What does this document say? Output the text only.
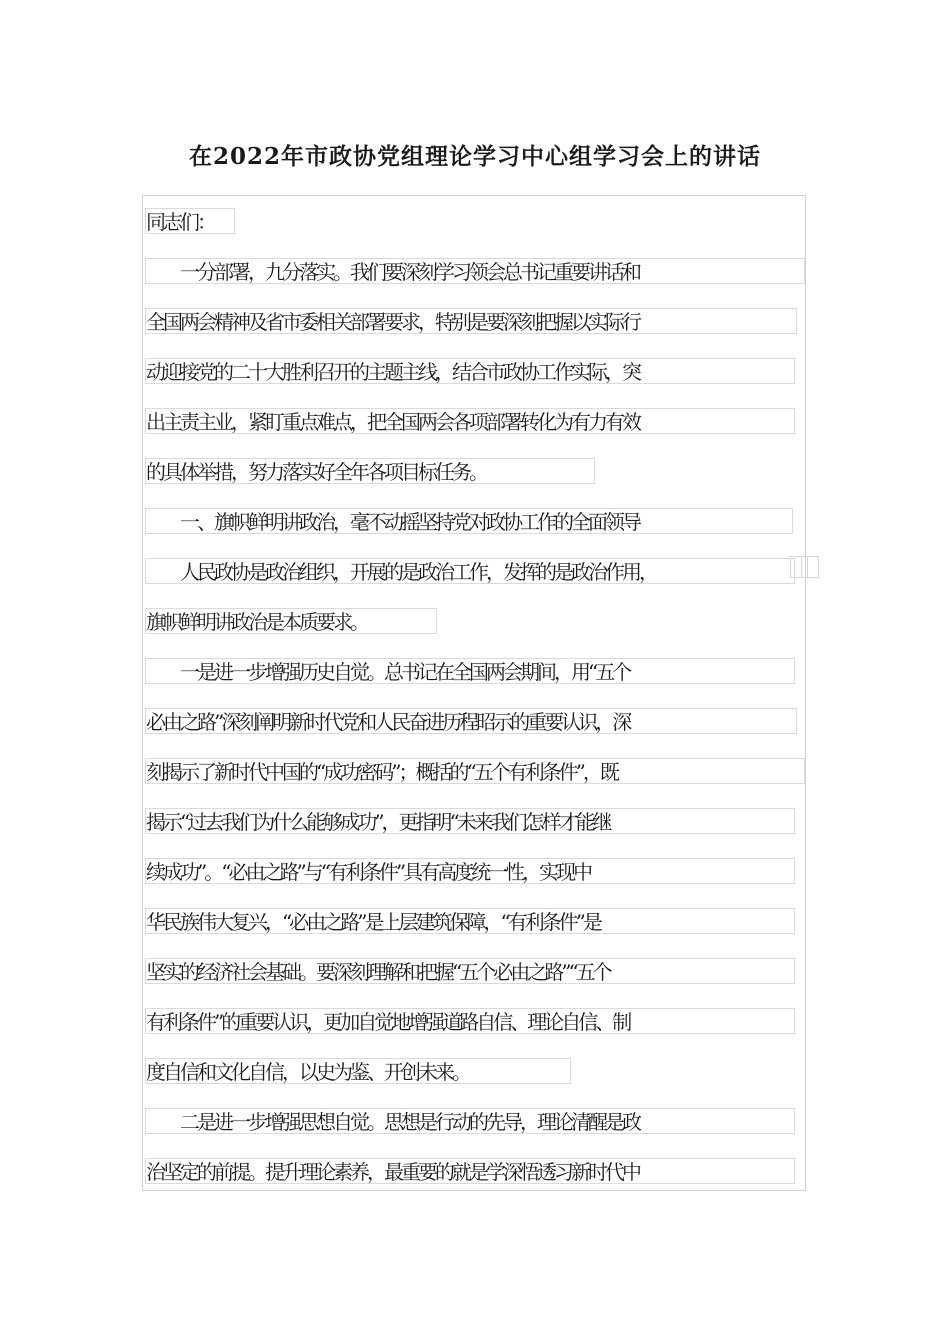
在2022年市政协党组理论学习中心组学习会上的讲话
同志们：
　　一分部署，九分落实。我们要深刻学习领会总书记重要讲话和
全国两会精神及省市委相关部署要求，特别是要深刻把握以实际行
动迎接党的二十大胜利召开的主题主线，结合市政协工作实际，突
出主责主业，紧盯重点难点，把全国两会各项部署转化为有力有效
的具体举措，努力落实好全年各项目标任务。
　　一、旗帜鲜明讲政治，毫不动摇坚持党对政协工作的全面领导
　　人民政协是政治组织，开展的是政治工作，发挥的是政治作用，
旗帜鲜明讲政治是本质要求。
　　一是进一步增强历史自觉。总书记在全国两会期间，用“五个
必由之路”深刻阐明新时代党和人民奋进历程昭示的重要认识，深
刻揭示了新时代中国的“成功密码”；概括的“五个有利条件”，既
揭示“过去我们为什么能够成功”，更指明“未来我们怎样才能继
续成功”。“必由之路”与“有利条件”具有高度统一性，实现中
华民族伟大复兴，“必由之路”是上层建筑保障，“有利条件”是
坚实的经济社会基础。要深刻理解和把握“五个必由之路”“五个
有利条件”的重要认识，更加自觉地增强道路自信、理论自信、制
度自信和文化自信，以史为鉴、开创未来。
　　二是进一步增强思想自觉。思想是行动的先导，理论清醒是政
治坚定的前提。提升理论素养，最重要的就是学深悟透习新时代中
